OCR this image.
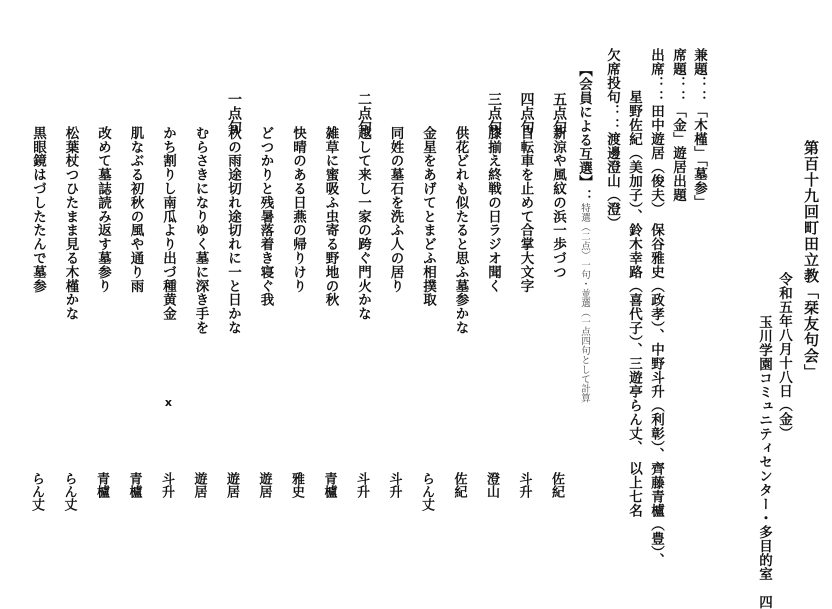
第百十九回町田立教「栞友句会」
令和五年八月十八日（金）
玉川学園コミュニティセンター・多目的室　四
兼題：：「木槿」「墓参」
席題：：「金」遊居出題
出席：：田中遊居（俊夫）　保谷雅史（政孝）、中野斗升（利彰）、齊藤青櫨（豊）、
星野佐紀（美加子）、鈴木幸路（喜代子）、三遊亭らん丈、　以上七名
欠席投句：：渡邊澄山（澄）
【会員による互選】：特選（二点）一句・並選（一点四句として計算
五点句
新涼や風紋の浜一歩づつ
佐紀
四点句
自転車を止めて合掌大文字
斗升
三点句
膝揃え終戦の日ラジオ聞く
澄山
供花どれも似たると思ふ墓参かな
佐紀
金星をあげてとまどふ相撲取
らん丈
同姓の墓石を洗ふ人の居り
斗升
二点句
越して来し一家の跨ぐ門火かな
斗升
雑草に蜜吸ふ虫寄る野地の秋
青櫨
快晴のある日燕の帰りけり
雅史
どつかりと残暑落着き寝ぐ我
遊居
一点句
秋の雨途切れ途切れに一と日かな
遊居
むらさきになりゆく墓に深き手を
遊居
かち割りし南瓜より出づ種黄金
x
斗升
肌なぶる初秋の風や通り雨
青櫨
改めて墓誌読み返す墓参り
青櫨
松葉杖つひたまま見る木槿かな
らん丈
黒眼鏡はづしたたんで墓参
らん丈
